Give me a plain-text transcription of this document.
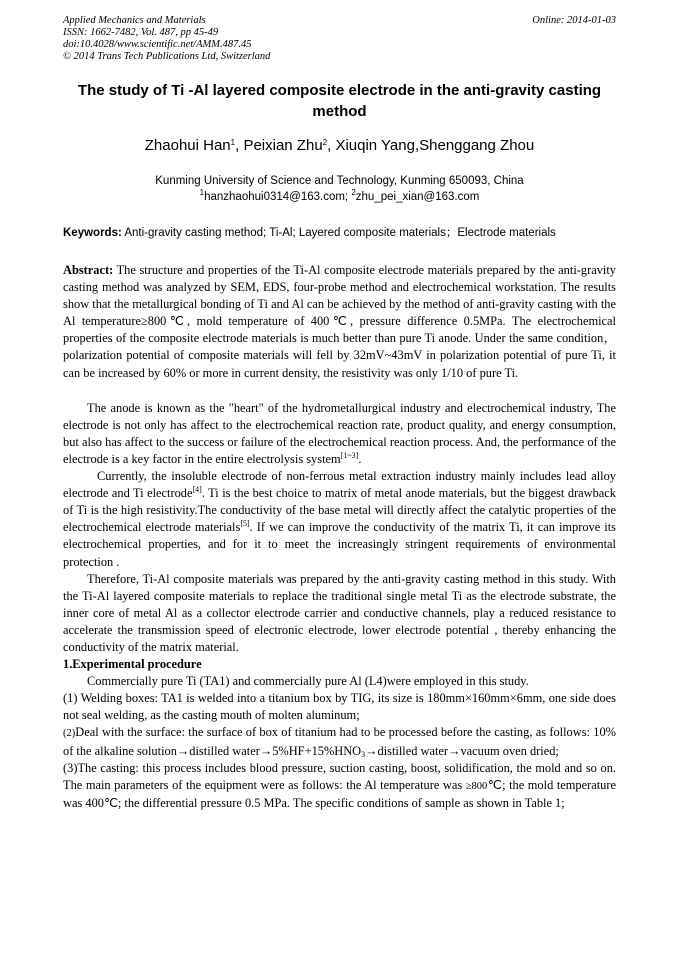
Applied Mechanics and Materials
ISSN: 1662-7482, Vol. 487, pp 45-49
doi:10.4028/www.scientific.net/AMM.487.45
© 2014 Trans Tech Publications Ltd, Switzerland
Online: 2014-01-03
The study of Ti -Al layered composite electrode in the anti-gravity casting method
Zhaohui Han$^1$, Peixian Zhu$^2$, Xiuqin Yang,Shenggang Zhou
Kunming University of Science and Technology, Kunming 650093, China
$^1$hanzhaohui0314@163.com; $^2$zhu_pei_xian@163.com
Keywords: Anti-gravity casting method; Ti-Al; Layered composite materials；Electrode materials

Abstract: The structure and properties of the Ti-Al composite electrode materials prepared by the anti-gravity casting method was analyzed by SEM, EDS, four-probe method and electrochemical workstation. The results show that the metallurgical bonding of Ti and Al can be achieved by the method of anti-gravity casting with the Al temperature≥800℃, mold temperature of 400℃, pressure difference 0.5MPa. The electrochemical properties of the composite electrode materials is much better than pure Ti anode. Under the same condition，polarization potential of composite materials will fell by 32mV~43mV in polarization potential of pure Ti, it can be increased by 60% or more in current density, the resistivity was only 1/10 of pure Ti.

The anode is known as the "heart" of the hydrometallurgical industry and electrochemical industry, The electrode is not only has affect to the electrochemical reaction rate, product quality, and energy consumption, but also has affect to the success or failure of the electrochemical reaction process. And, the performance of the electrode is a key factor in the entire electrolysis system[1~3].

Currently, the insoluble electrode of non-ferrous metal extraction industry mainly includes lead alloy electrode and Ti electrode[4]. Ti is the best choice to matrix of metal anode materials, but the biggest drawback of Ti is the high resistivity.The conductivity of the base metal will directly affect the catalytic properties of the electrochemical electrode materials[5]. If we can improve the conductivity of the matrix Ti, it can improve its electrochemical properties, and for it to meet the increasingly stringent requirements of environmental protection .

Therefore, Ti-Al composite materials was prepared by the anti-gravity casting method in this study. With the Ti-Al layered composite materials to replace the traditional single metal Ti as the electrode substrate, the inner core of metal Al as a collector electrode carrier and conductive channels, play a reduced resistance to accelerate the transmission speed of electronic electrode, lower electrode potential , thereby enhancing the conductivity of the matrix material.

1.Experimental procedure

Commercially pure Ti (TA1) and commercially pure Al (L4)were employed in this study.

(1) Welding boxes: TA1 is welded into a titanium box by TIG, its size is 180mm×160mm×6mm, one side does not seal welding, as the casting mouth of molten aluminum;

(2)Deal with the surface: the surface of box of titanium had to be processed before the casting, as follows: 10% of the alkaline solution→distilled $water\to 5\%HF+15\%HNO_3\to distilled$ water→vacuum oven dried;

(3)The casting: this process includes blood pressure, suction casting, boost, solidification, the mold and so on. The main parameters of the equipment were as follows: the Al temperature was ≥800℃; the mold temperature was 400℃; the differential pressure 0.5 MPa. The specific conditions of sample as shown in Table 1;
